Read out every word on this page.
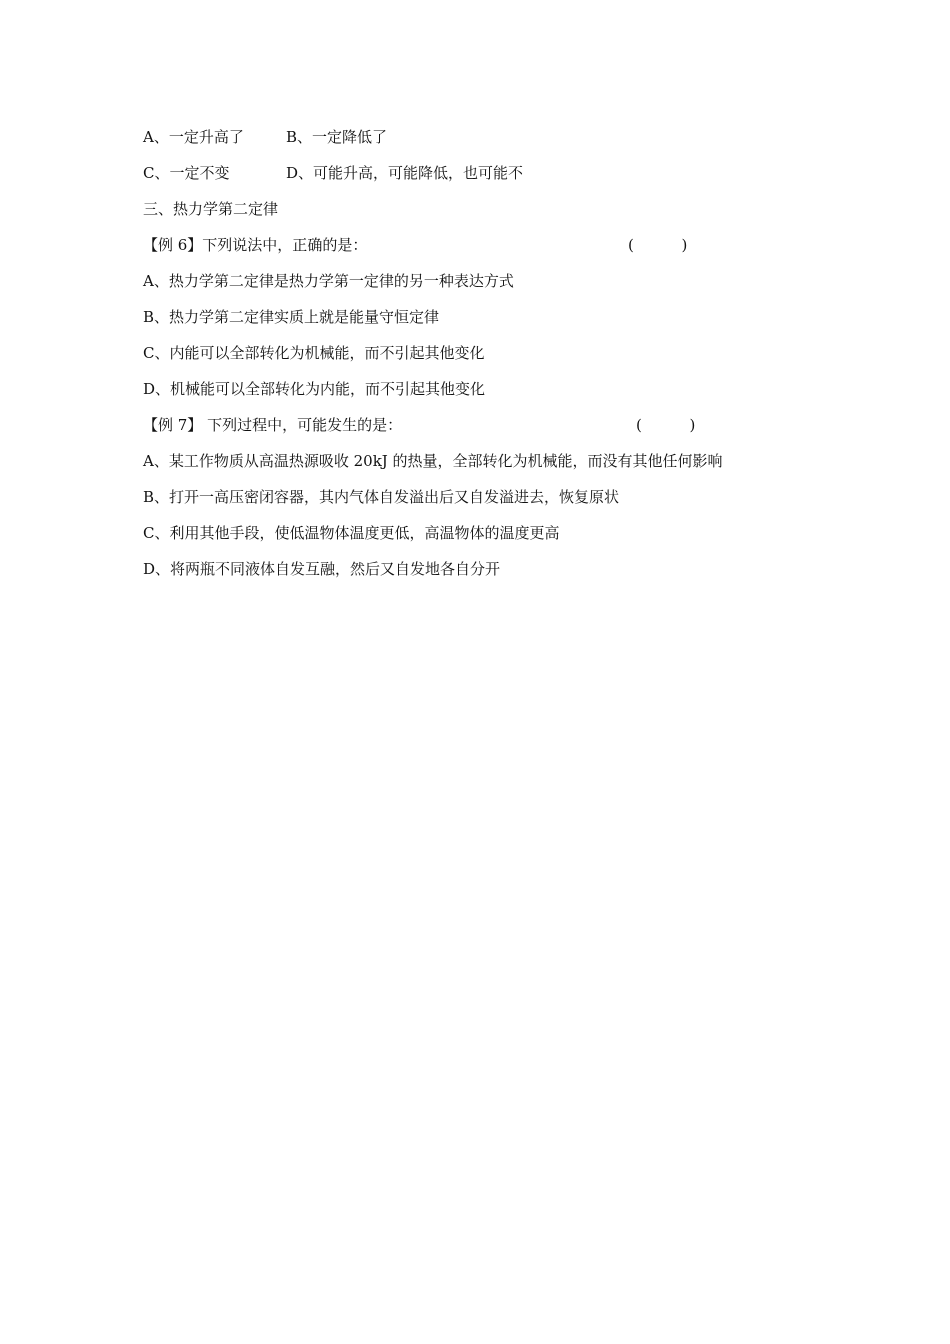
A、一定升高了	B、一定降低了
C、一定不变	D、可能升高，可能降低，也可能不
三、热力学第二定律
【例 6】下列说法中，正确的是：	(          )
A、热力学第二定律是热力学第一定律的另一种表达方式
B、热力学第二定律实质上就是能量守恒定律
C、内能可以全部转化为机械能，而不引起其他变化
D、机械能可以全部转化为内能，而不引起其他变化
【例 7】 下列过程中，可能发生的是：	(          )
A、某工作物质从高温热源吸收 20kJ 的热量，全部转化为机械能，而没有其他任何影响
B、打开一高压密闭容器，其内气体自发溢出后又自发溢进去，恢复原状
C、利用其他手段，使低温物体温度更低，高温物体的温度更高
D、将两瓶不同液体自发互融，然后又自发地各自分开
